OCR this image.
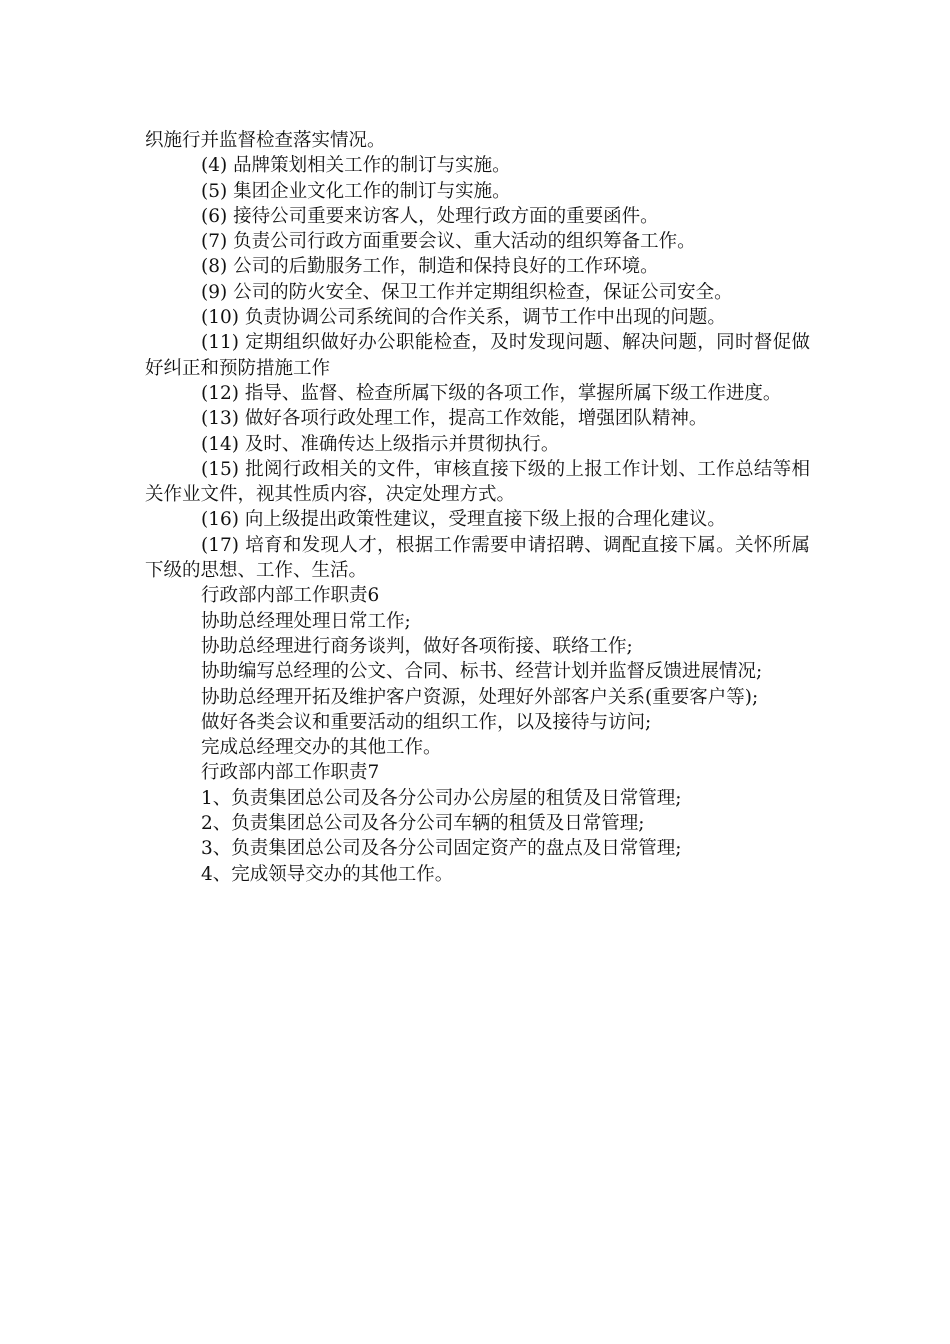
织施行并监督检查落实情况。

(4) 品牌策划相关工作的制订与实施。

(5) 集团企业文化工作的制订与实施。

(6) 接待公司重要来访客人，处理行政方面的重要函件。

(7) 负责公司行政方面重要会议、重大活动的组织筹备工作。

(8) 公司的后勤服务工作，制造和保持良好的工作环境。

(9) 公司的防火安全、保卫工作并定期组织检查，保证公司安全。

(10) 负责协调公司系统间的合作关系，调节工作中出现的问题。

(11) 定期组织做好办公职能检查，及时发现问题、解决问题，同时督促做好纠正和预防措施工作

(12) 指导、监督、检查所属下级的各项工作，掌握所属下级工作进度。

(13) 做好各项行政处理工作，提高工作效能，增强团队精神。

(14) 及时、准确传达上级指示并贯彻执行。

(15) 批阅行政相关的文件，审核直接下级的上报工作计划、工作总结等相关作业文件，视其性质内容，决定处理方式。

(16) 向上级提出政策性建议，受理直接下级上报的合理化建议。

(17) 培育和发现人才，根据工作需要申请招聘、调配直接下属。关怀所属下级的思想、工作、生活。

行政部内部工作职责6

协助总经理处理日常工作;

协助总经理进行商务谈判，做好各项衔接、联络工作;

协助编写总经理的公文、合同、标书、经营计划并监督反馈进展情况;

协助总经理开拓及维护客户资源，处理好外部客户关系(重要客户等);

做好各类会议和重要活动的组织工作，以及接待与访问;

完成总经理交办的其他工作。

行政部内部工作职责7

1、负责集团总公司及各分公司办公房屋的租赁及日常管理;

2、负责集团总公司及各分公司车辆的租赁及日常管理;

3、负责集团总公司及各分公司固定资产的盘点及日常管理;

4、完成领导交办的其他工作。
